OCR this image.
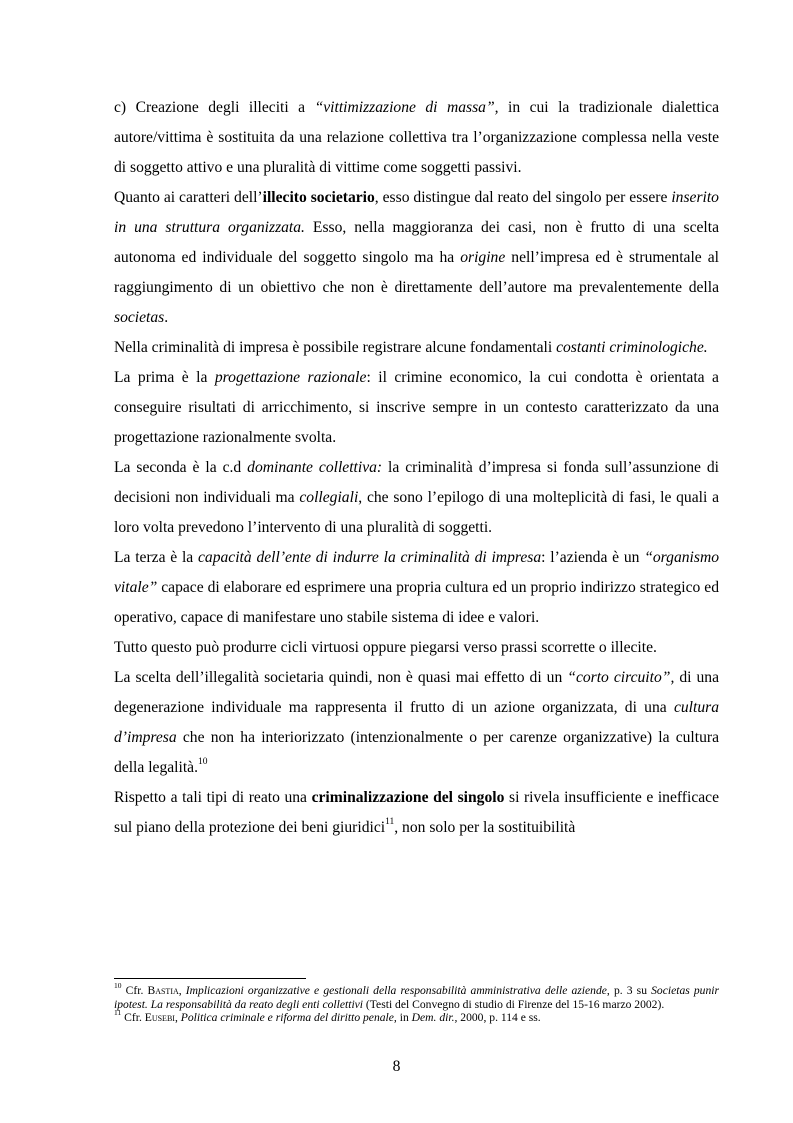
c) Creazione degli illeciti a “vittimizzazione di massa”, in cui la tradizionale dialettica autore/vittima è sostituita da una relazione collettiva tra l’organizzazione complessa nella veste di soggetto attivo e una pluralità di vittime come soggetti passivi.

Quanto ai caratteri dell’illecito societario, esso distingue dal reato del singolo per essere inserito in una struttura organizzata. Esso, nella maggioranza dei casi, non è frutto di una scelta autonoma ed individuale del soggetto singolo ma ha origine nell’impresa ed è strumentale al raggiungimento di un obiettivo che non è direttamente dell’autore ma prevalentemente della societas.

Nella criminalità di impresa è possibile registrare alcune fondamentali costanti criminologiche.

La prima è la progettazione razionale: il crimine economico, la cui condotta è orientata a conseguire risultati di arricchimento, si inscrive sempre in un contesto caratterizzato da una progettazione razionalmente svolta.

La seconda è la c.d dominante collettiva: la criminalità d’impresa si fonda sull’assunzione di decisioni non individuali ma collegiali, che sono l’epilogo di una molteplicità di fasi, le quali a loro volta prevedono l’intervento di una pluralità di soggetti.

La terza è la capacità dell’ente di indurre la criminalità di impresa: l’azienda è un “organismo vitale” capace di elaborare ed esprimere una propria cultura ed un proprio indirizzo strategico ed operativo, capace di manifestare uno stabile sistema di idee e valori.

Tutto questo può produrre cicli virtuosi oppure piegarsi verso prassi scorrette o illecite.

La scelta dell’illegalità societaria quindi, non è quasi mai effetto di un “corto circuito”, di una degenerazione individuale ma rappresenta il frutto di un azione organizzata, di una cultura d’impresa che non ha interiorizzato (intenzionalmente o per carenze organizzative) la cultura della legalità.$^{10}$

Rispetto a tali tipi di reato una criminalizzazione del singolo si rivela insufficiente e inefficace sul piano della protezione dei beni giuridici$^{11}$, non solo per la sostituibilità

$^{10}$ Cfr. Bastia, Implicazioni organizzative e gestionali della responsabilità amministrativa delle aziende, p. 3 su Societas punir ipotest. La responsabilità da reato degli enti collettivi (Testi del Convegno di studio di Firenze del 15-16 marzo 2002).

$^{11}$ Cfr. Eusebi, Politica criminale e riforma del diritto penale, in Dem. dir., 2000, p. 114 e ss.

8
